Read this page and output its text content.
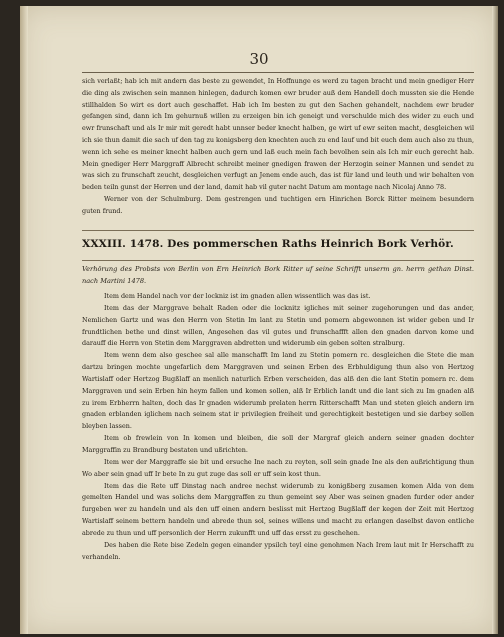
30

sich verlaßt; hab ich mit andern das beste zu gewendet, In Hoffnunge es werd zu tagen bracht und mein gnediger Herr die ding als zwischen sein mannen hinlegen, dadurch komen ewr bruder auß dem Handell doch mussten sie die Hende stillhalden So wirt es dort auch geschaffet. Hab ich Im besten zu gut den Sachen gehandelt, nachdem ewr bruder gefangen sind, dann ich Im gehurnuß willen zu erzeigen bin ich geneigt und verschulde mich des wider zu euch und ewr frunschaft und als Ir mir mit geredt habt unnser beder knecht halben, ge wirt uf ewr seiten macht, desgleichen wil ich sie thun damit die sach uf den tag zu konigsberg den knechten auch zu end lauf und bit euch dem auch also zu thun, wenn ich sehe es meiner knecht halben auch gern und laß euch mein fach bevolhen sein als Ich mir euch gerecht hab. Mein gnediger Herr Marggraff Albrecht schreibt meiner gnedigen frawen der Herzogin seiner Mannen und sendet zu was sich zu frunschaft zeucht, desgleichen verfugt an Jenem ende auch, das ist für land und leuth und wir behalten von beden teiln gunst der Herren und der land, damit hab vil guter nacht Datum am montage nach Nicolaj Anno 78.

Werner von der Schulmburg. Dem gestrengen und tuchtigen ern Hinrichen Borck Ritter meinem besundern guten frund.
XXXIII. 1478. Des pommerschen Raths Heinrich Bork Verhör.
Verhörung des Probsts von Berlin von Ern Heinrich Bork Ritter uf seine Schrifft unserm gn. herrn gethan Dinst. nach Martini 1478.

Item dem Handel nach vor der lockniz ist im gnaden allen wissentlich was das ist.

Item das der Marggrave behalt Raden oder die locknitz igliches mit seiner zugehorungen und das ander, Nemlichen Gartz und was den Herrn von Stetin Im lant zu Stetin und pomern abgewonnen ist wider geben und Ir frundtlichen bethe und dinst willen, Angesehen das vil gutes und frunschaffft allen den gnaden darvon kome und darauff die Herrn von Stetin dem Marggraven abdretten und widerumb ein geben solten stralburg.

Item wenn dem also geschee sal alle manschafft Im land zu Stetin pomern rc. desgleichen die Stete die man dartzu bringen mochte ungefarlich dem Marggraven und seinen Erben des Erbhuldigung thun also von Hertzog Wartislaff oder Hertzog Bugßlaff an menlich naturlich Erben verscheiden, das alß den die lant Stetin pomern rc. dem Marggraven und sein Erben hin heym fallen und komen sollen, alß Ir Erblich landt und die lant sich zu Im gnaden alß zu irem Erbherrn halten, doch das Ir gnaden widerumb prelaten herrn Ritterschafft Man und steten gleich andern irn gnaden erblanden iglichem nach seinem stat ir privilegien freiheit und gerechtigkeit bestetigen und sie darbey sollen bleyben lassen.

Item ob frewlein von In komen und bleiben, die soll der Margraf gleich andern seiner gnaden dochter Marggraffin zu Brandburg bestaten und ußrichten.

Item wer der Marggraffe sie bit und ersuche Ine nach zu reyten, soll sein gnade Ine als den außrichtigung thun Wo aber sein gnad uff Ir bete In zu gut zuge das soll er uff sein kost thun.

Item das die Rete uff Dinstag nach andree nechst widerumb zu konigßberg zusamen komen Alda von dem gemelten Handel und was solichs dem Marggraffen zu thun gemeint sey Aber was seinen gnaden furder oder ander furgeben wer zu handeln und als den uff einen andern beslisst mit Hertzog Bugßlaff der kegen der Zeit mit Hertzog Wartislaff seinem bettern handeln und abrede thun sol, seines willens und macht zu erlangen daselbst davon entliche abrede zu thun und uff personlich der Herrn zukunfft und uff das ersst zu geschehen.

Des haben die Rete bise Zedeln gegen einander ypsilch teyl eine genohmen Nach Irem laut mit Ir Herschafft zu verhandeln.
